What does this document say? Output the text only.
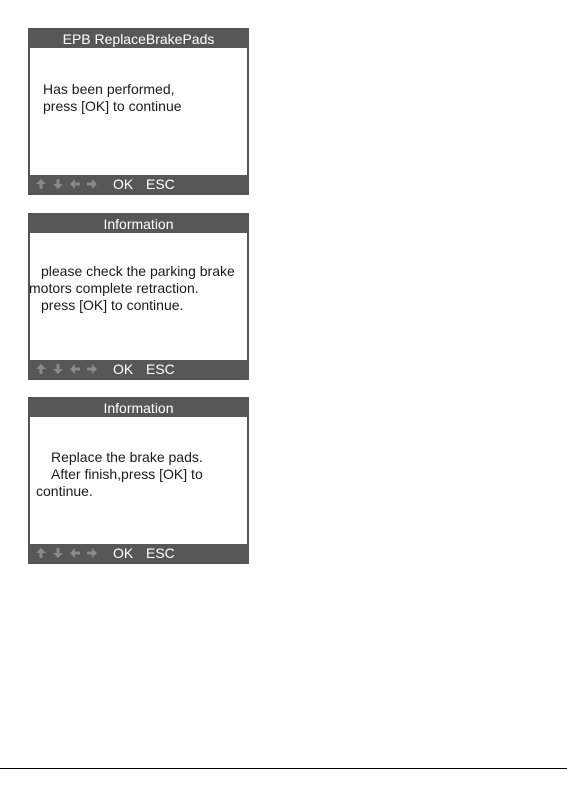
EPB ReplaceBrakePads
Has been performed,
press [OK] to continue
OK ESC
Information
please check the parking brake
motors complete retraction.
press [OK] to continue.
OK ESC
Information
Replace the brake pads.
After finish,press [OK] to
continue.
OK ESC
